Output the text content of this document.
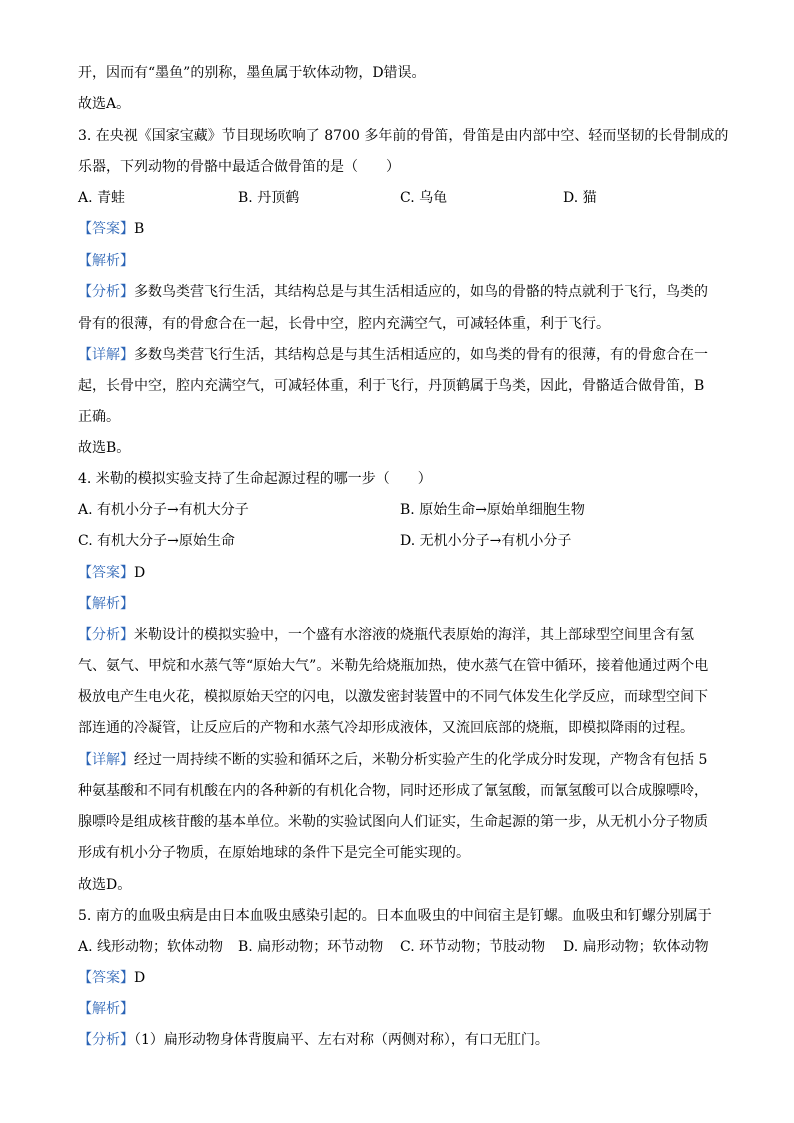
开，因而有“墨鱼”的别称，墨鱼属于软体动物，D错误。
故选A。
3. 在央视《国家宝藏》节目现场吹响了 8700 多年前的骨笛，骨笛是由内部中空、轻而坚韧的长骨制成的
乐器，下列动物的骨骼中最适合做骨笛的是（　　）
A. 青蛙	B. 丹顶鹤	C. 乌龟	D. 猫
【答案】B
【解析】
【分析】多数鸟类营飞行生活，其结构总是与其生活相适应的，如鸟的骨骼的特点就利于飞行，鸟类的
骨有的很薄，有的骨愈合在一起，长骨中空，腔内充满空气，可减轻体重，利于飞行。
【详解】多数鸟类营飞行生活，其结构总是与其生活相适应的，如鸟类的骨有的很薄，有的骨愈合在一
起，长骨中空，腔内充满空气，可减轻体重，利于飞行，丹顶鹤属于鸟类，因此，骨骼适合做骨笛，B
正确。
故选B。
4. 米勒的模拟实验支持了生命起源过程的哪一步（　　）
A. 有机小分子→有机大分子	B. 原始生命→原始单细胞生物
C. 有机大分子→原始生命	D. 无机小分子→有机小分子
【答案】D
【解析】
【分析】米勒设计的模拟实验中，一个盛有水溶液的烧瓶代表原始的海洋，其上部球型空间里含有氢
气、氨气、甲烷和水蒸气等“原始大气”。米勒先给烧瓶加热，使水蒸气在管中循环，接着他通过两个电
极放电产生电火花，模拟原始天空的闪电，以激发密封装置中的不同气体发生化学反应，而球型空间下
部连通的冷凝管，让反应后的产物和水蒸气冷却形成液体，又流回底部的烧瓶，即模拟降雨的过程。
【详解】经过一周持续不断的实验和循环之后，米勒分析实验产生的化学成分时发现，产物含有包括 5
种氨基酸和不同有机酸在内的各种新的有机化合物，同时还形成了氰氢酸，而氰氢酸可以合成腺嘌呤，
腺嘌呤是组成核苷酸的基本单位。米勒的实验试图向人们证实，生命起源的第一步，从无机小分子物质
形成有机小分子物质，在原始地球的条件下是完全可能实现的。
故选D。
5. 南方的血吸虫病是由日本血吸虫感染引起的。日本血吸虫的中间宿主是钉螺。血吸虫和钉螺分别属于
A. 线形动物；软体动物 B. 扁形动物；环节动物 C. 环节动物；节肢动物 D. 扁形动物；软体动物
【答案】D
【解析】
【分析】（1）扁形动物身体背腹扁平、左右对称（两侧对称），有口无肛门。
